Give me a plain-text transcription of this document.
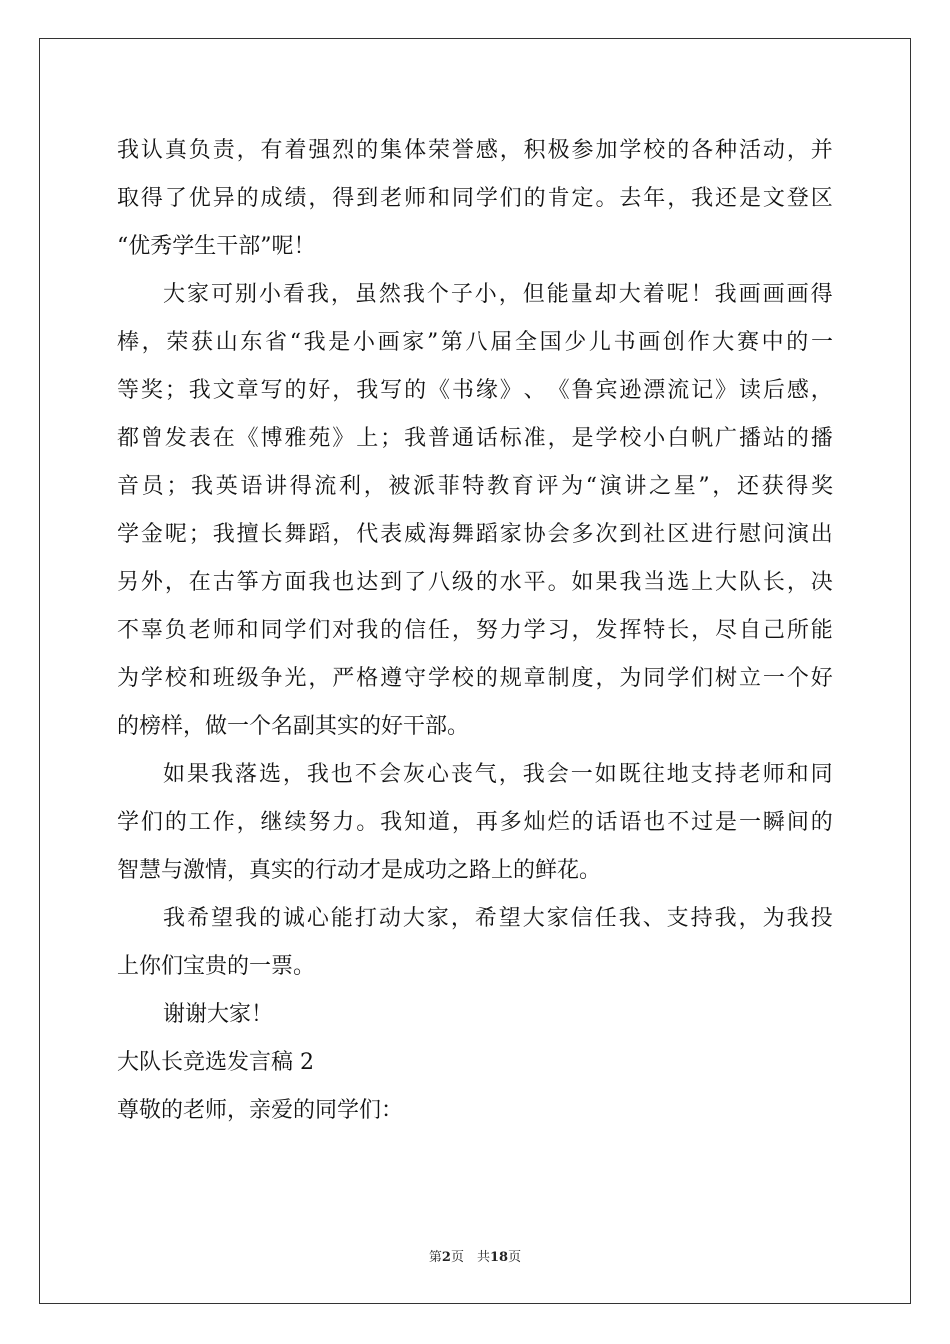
我 认 真 负 责 ， 有 着 强 烈 的 集 体 荣 誉 感 ， 积 极 参 加 学 校 的 各 种 活 动 ， 并
取 得 了 优 异 的 成 绩 ， 得 到 老 师 和 同 学 们 的 肯 定 。 去 年 ， 我 还 是 文 登 区
“优秀学生干部”呢！
大 家 可 别 小 看 我 ， 虽 然 我 个 子 小 ， 但 能 量 却 大 着 呢 ！ 我 画 画 画 得
棒 ， 荣 获 山 东 省 “ 我 是 小 画 家 ” 第 八 届 全 国 少 儿 书 画 创 作 大 赛 中 的 一
等 奖 ； 我 文 章 写 的 好 ， 我 写 的 《 书 缘 》 、 《 鲁 宾 逊 漂 流 记 》 读 后 感 ，
都 曾 发 表 在 《 博 雅 苑 》 上 ； 我 普 通 话 标 准 ， 是 学 校 小 白 帆 广 播 站 的 播
音 员 ； 我 英 语 讲 得 流 利 ， 被 派 菲 特 教 育 评 为 “ 演 讲 之 星 ” ， 还 获 得 奖
学 金 呢 ； 我 擅 长 舞 蹈 ， 代 表 威 海 舞 蹈 家 协 会 多 次 到 社 区 进 行 慰 问 演 出
另 外 ， 在 古 筝 方 面 我 也 达 到 了 八 级 的 水 平 。 如 果 我 当 选 上 大 队 长 ， 决
不 辜 负 老 师 和 同 学 们 对 我 的 信 任 ， 努 力 学 习 ， 发 挥 特 长 ， 尽 自 己 所 能
为 学 校 和 班 级 争 光 ， 严 格 遵 守 学 校 的 规 章 制 度 ， 为 同 学 们 树 立 一 个 好
的榜样，做一个名副其实的好干部。
如 果 我 落 选 ， 我 也 不 会 灰 心 丧 气 ， 我 会 一 如 既 往 地 支 持 老 师 和 同
学 们 的 工 作 ， 继 续 努 力 。 我 知 道 ， 再 多 灿 烂 的 话 语 也 不 过 是 一 瞬 间 的
智慧与激情，真实的行动才是成功之路上的鲜花。
我 希 望 我 的 诚 心 能 打 动 大 家 ， 希 望 大 家 信 任 我 、 支 持 我 ， 为 我 投
上你们宝贵的一票。
谢谢大家！
大队长竞选发言稿 2
尊敬的老师，亲爱的同学们：
第2页　共18页
